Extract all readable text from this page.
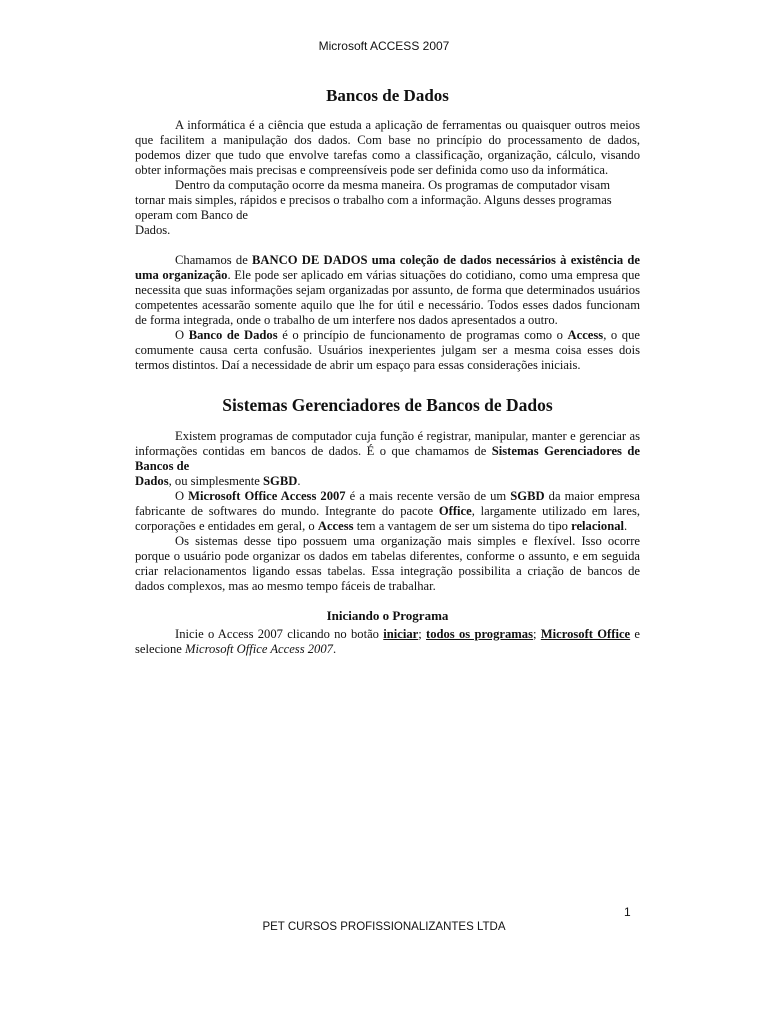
Microsoft ACCESS 2007
Bancos de Dados

A informática é a ciência que estuda a aplicação de ferramentas ou quaisquer outros meios que facilitem a manipulação dos dados. Com base no princípio do processamento de dados, podemos dizer que tudo que envolve tarefas como a classificação, organização, cálculo, visando obter informações mais precisas e compreensíveis pode ser definida como uso da informática.

Dentro da computação ocorre da mesma maneira. Os programas de computador visam tornar mais simples, rápidos e precisos o trabalho com a informação. Alguns desses programas operam com Banco de
Dados.

Chamamos de BANCO DE DADOS uma coleção de dados necessários à existência de uma organização. Ele pode ser aplicado em várias situações do cotidiano, como uma empresa que necessita que suas informações sejam organizadas por assunto, de forma que determinados usuários competentes acessarão somente aquilo que lhe for útil e necessário. Todos esses dados funcionam de forma integrada, onde o trabalho de um interfere nos dados apresentados a outro.

O Banco de Dados é o princípio de funcionamento de programas como o Access, o que comumente causa certa confusão. Usuários inexperientes julgam ser a mesma coisa esses dois termos distintos. Daí a necessidade de abrir um espaço para essas considerações iniciais.

Sistemas Gerenciadores de Bancos de Dados

Existem programas de computador cuja função é registrar, manipular, manter e gerenciar as informações contidas em bancos de dados. É o que chamamos de Sistemas Gerenciadores de Bancos de
Dados, ou simplesmente SGBD.

O Microsoft Office Access 2007 é a mais recente versão de um SGBD da maior empresa fabricante de softwares do mundo. Integrante do pacote Office, largamente utilizado em lares, corporações e entidades em geral, o Access tem a vantagem de ser um sistema do tipo relacional.

Os sistemas desse tipo possuem uma organização mais simples e flexível. Isso ocorre porque o usuário pode organizar os dados em tabelas diferentes, conforme o assunto, e em seguida criar relacionamentos ligando essas tabelas. Essa integração possibilita a criação de bancos de dados complexos, mas ao mesmo tempo fáceis de trabalhar.

Iniciando o Programa

Inicie o Access 2007 clicando no botão iniciar; todos os programas; Microsoft Office e selecione Microsoft Office Access 2007.

1
PET CURSOS PROFISSIONALIZANTES LTDA
